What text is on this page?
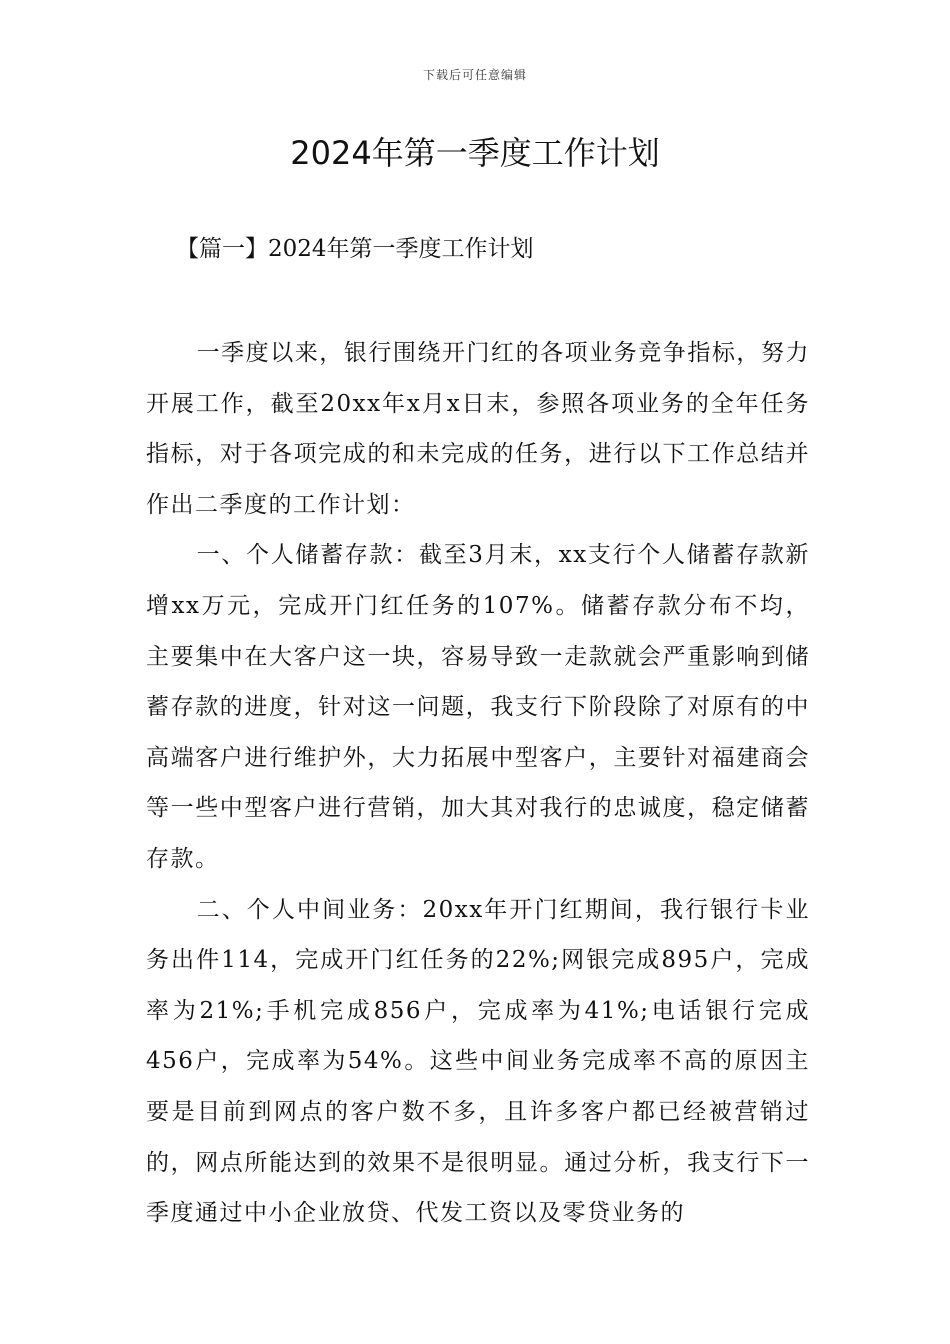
下载后可任意编辑
2024年第一季度工作计划
【篇一】2024年第一季度工作计划

一季度以来，银行围绕开门红的各项业务竞争指标，努力开展工作，截至20xx年x月x日末，参照各项业务的全年任务指标，对于各项完成的和未完成的任务，进行以下工作总结并作出二季度的工作计划：

一、个人储蓄存款：截至3月末，xx支行个人储蓄存款新增xx万元，完成开门红任务的107%。储蓄存款分布不均，主要集中在大客户这一块，容易导致一走款就会严重影响到储蓄存款的进度，针对这一问题，我支行下阶段除了对原有的中高端客户进行维护外，大力拓展中型客户，主要针对福建商会等一些中型客户进行营销，加大其对我行的忠诚度，稳定储蓄存款。

二、个人中间业务：20xx年开门红期间，我行银行卡业务出件114，完成开门红任务的22%;网银完成895户，完成率为21%;手机完成856户，完成率为41%;电话银行完成456户，完成率为54%。这些中间业务完成率不高的原因主要是目前到网点的客户数不多，且许多客户都已经被营销过的，网点所能达到的效果不是很明显。通过分析，我支行下一季度通过中小企业放贷、代发工资以及零贷业务的
